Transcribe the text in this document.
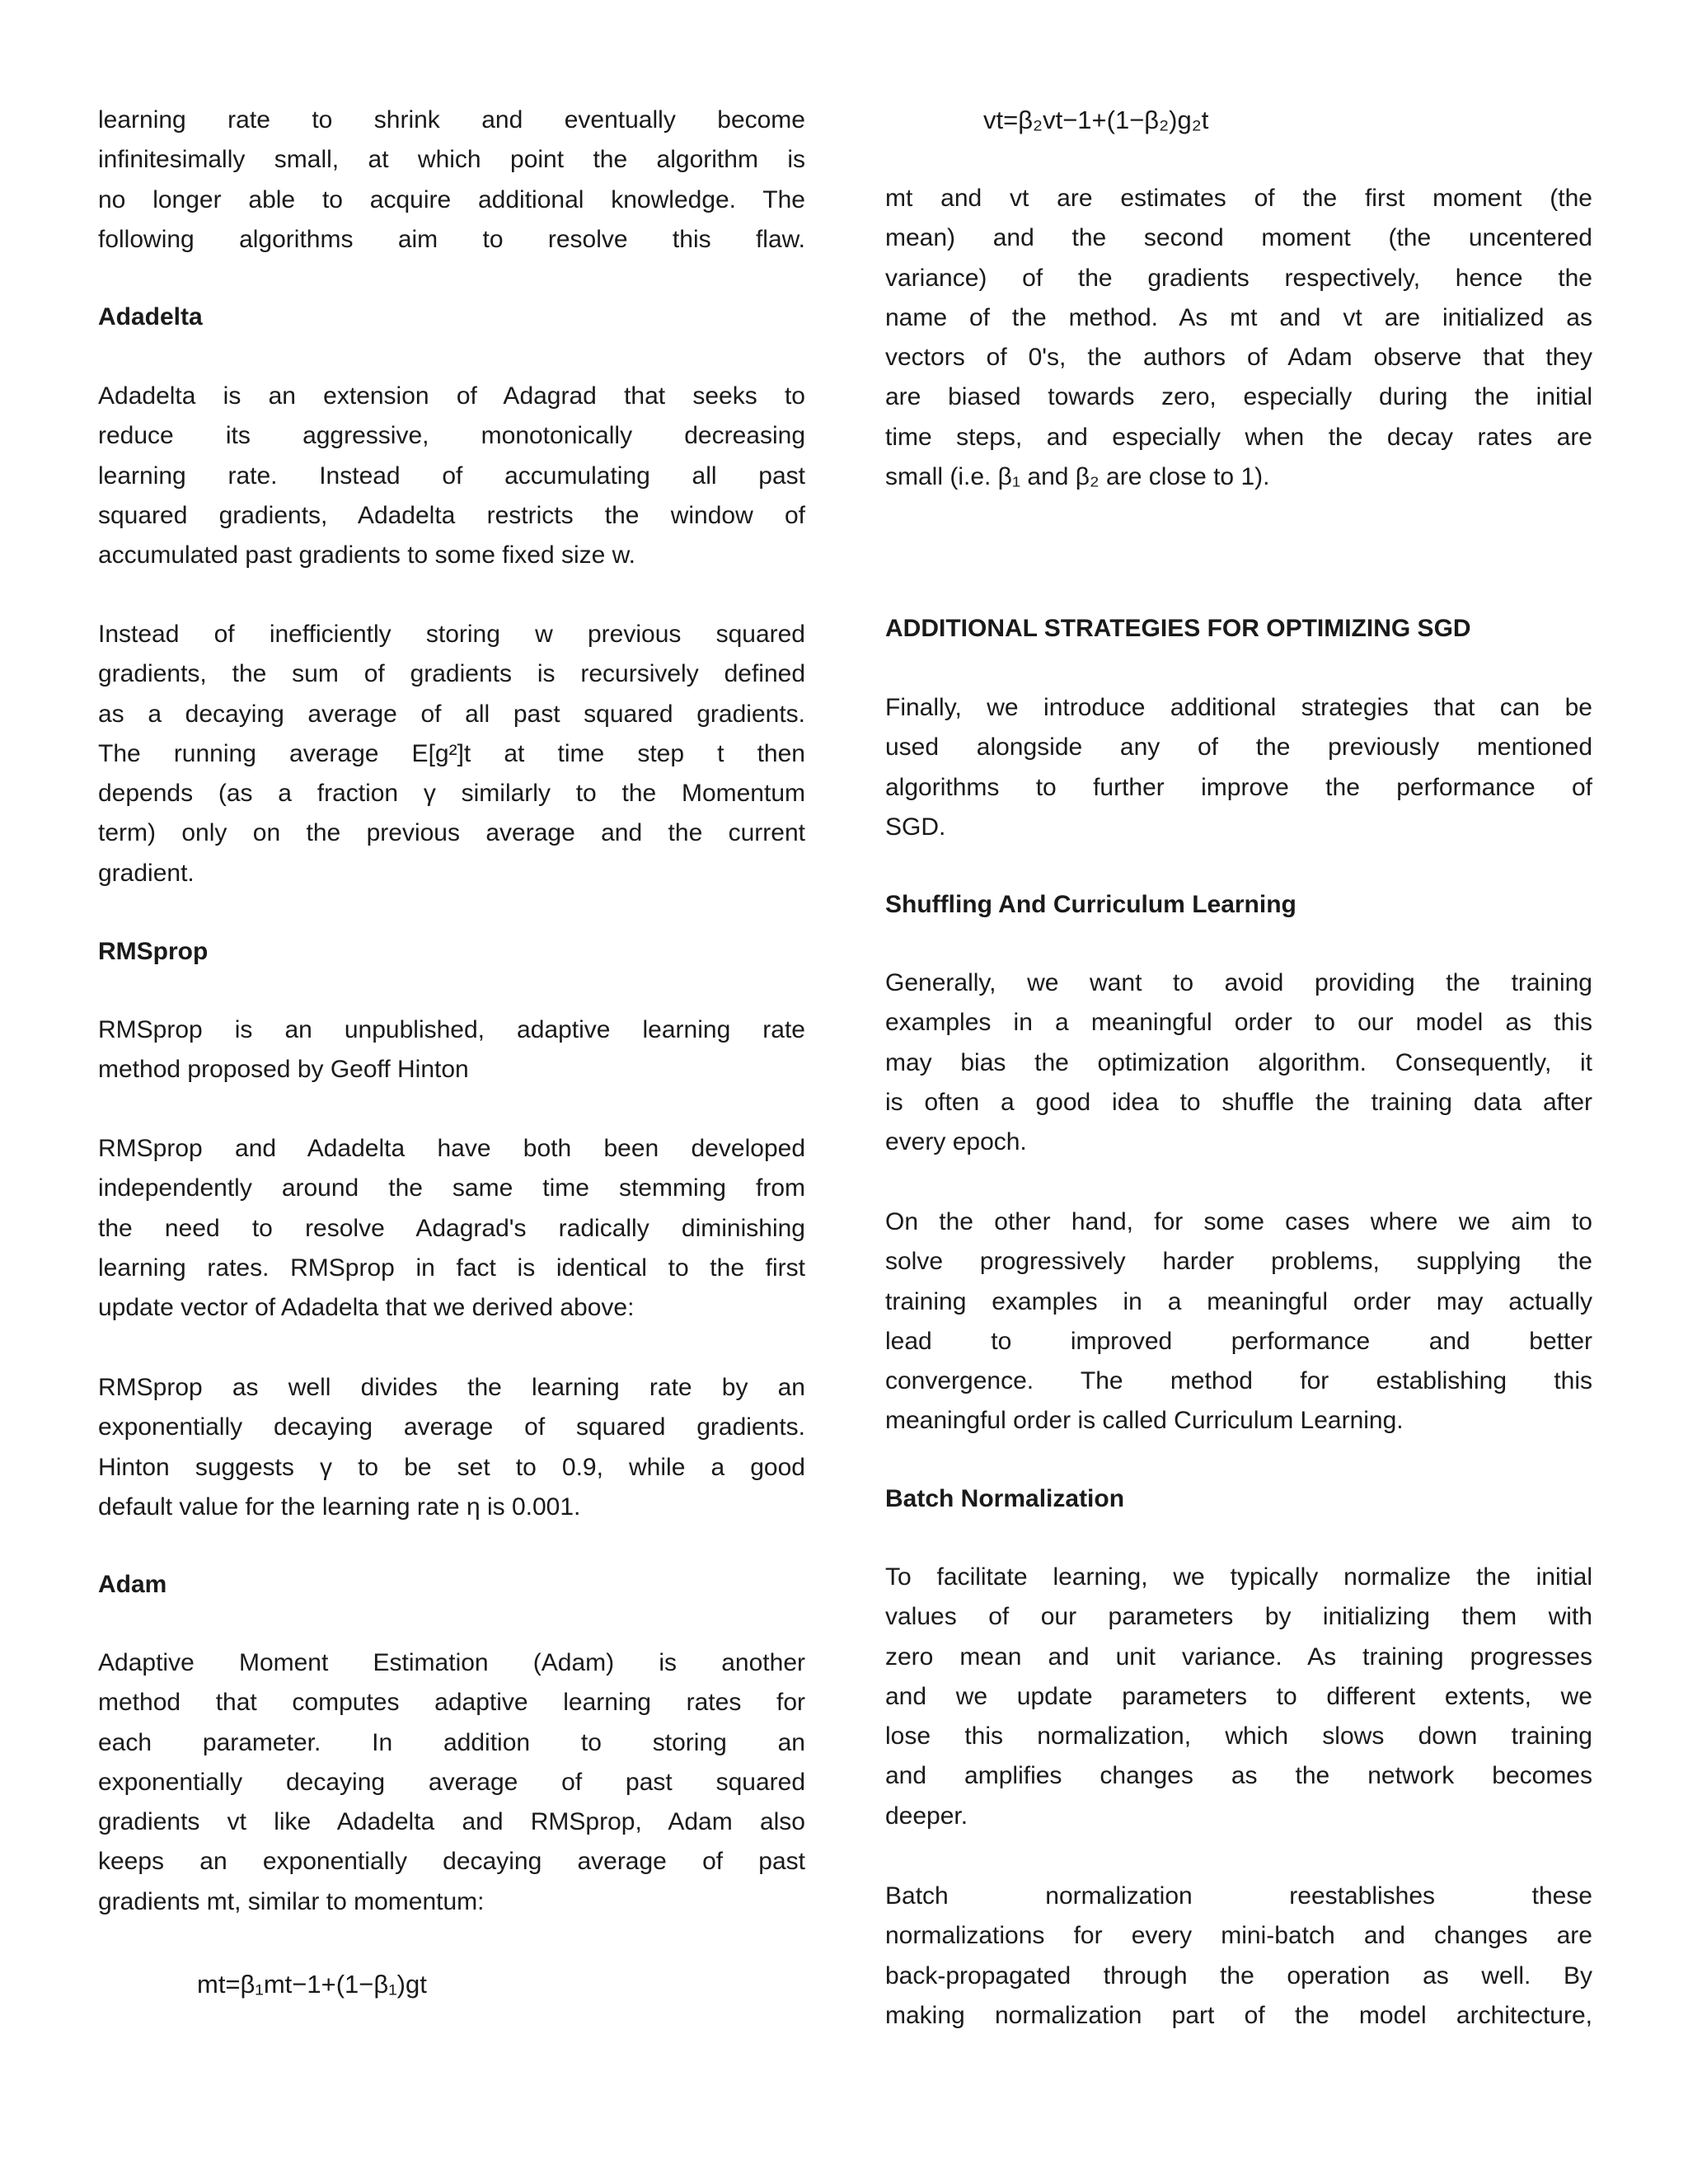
learning rate to shrink and eventually become
infinitesimally small, at which point the algorithm is
no longer able to acquire additional knowledge. The
following algorithms aim to resolve this flaw.
Adadelta
Adadelta is an extension of Adagrad that seeks to
reduce its aggressive, monotonically decreasing
learning rate. Instead of accumulating all past
squared gradients, Adadelta restricts the window of
accumulated past gradients to some fixed size w.
Instead of inefficiently storing w previous squared
gradients, the sum of gradients is recursively defined
as a decaying average of all past squared gradients.
The running average E[g²]t at time step t then
depends (as a fraction γ similarly to the Momentum
term) only on the previous average and the current
gradient.
RMSprop
RMSprop is an unpublished, adaptive learning rate
method proposed by Geoff Hinton
RMSprop and Adadelta have both been developed
independently around the same time stemming from
the need to resolve Adagrad's radically diminishing
learning rates. RMSprop in fact is identical to the first
update vector of Adadelta that we derived above:
RMSprop as well divides the learning rate by an
exponentially decaying average of squared gradients.
Hinton suggests γ to be set to 0.9, while a good
default value for the learning rate η is 0.001.
Adam
Adaptive Moment Estimation (Adam) is another
method that computes adaptive learning rates for
each parameter. In addition to storing an
exponentially decaying average of past squared
gradients vt like Adadelta and RMSprop, Adam also
keeps an exponentially decaying average of past
gradients mt, similar to momentum:
mt=β₁mt−1+(1−β₁)gt
vt=β₂vt−1+(1−β₂)g₂t
mt and vt are estimates of the first moment (the
mean) and the second moment (the uncentered
variance) of the gradients respectively, hence the
name of the method. As mt and vt are initialized as
vectors of 0's, the authors of Adam observe that they
are biased towards zero, especially during the initial
time steps, and especially when the decay rates are
small (i.e. β₁ and β₂ are close to 1).
ADDITIONAL STRATEGIES FOR OPTIMIZING SGD
Finally, we introduce additional strategies that can be
used alongside any of the previously mentioned
algorithms to further improve the performance of
SGD.
Shuffling And Curriculum Learning
Generally, we want to avoid providing the training
examples in a meaningful order to our model as this
may bias the optimization algorithm. Consequently, it
is often a good idea to shuffle the training data after
every epoch.
On the other hand, for some cases where we aim to
solve progressively harder problems, supplying the
training examples in a meaningful order may actually
lead to improved performance and better
convergence. The method for establishing this
meaningful order is called Curriculum Learning.
Batch Normalization
To facilitate learning, we typically normalize the initial
values of our parameters by initializing them with
zero mean and unit variance. As training progresses
and we update parameters to different extents, we
lose this normalization, which slows down training
and amplifies changes as the network becomes
deeper.
Batch normalization reestablishes these
normalizations for every mini-batch and changes are
back-propagated through the operation as well. By
making normalization part of the model architecture,
